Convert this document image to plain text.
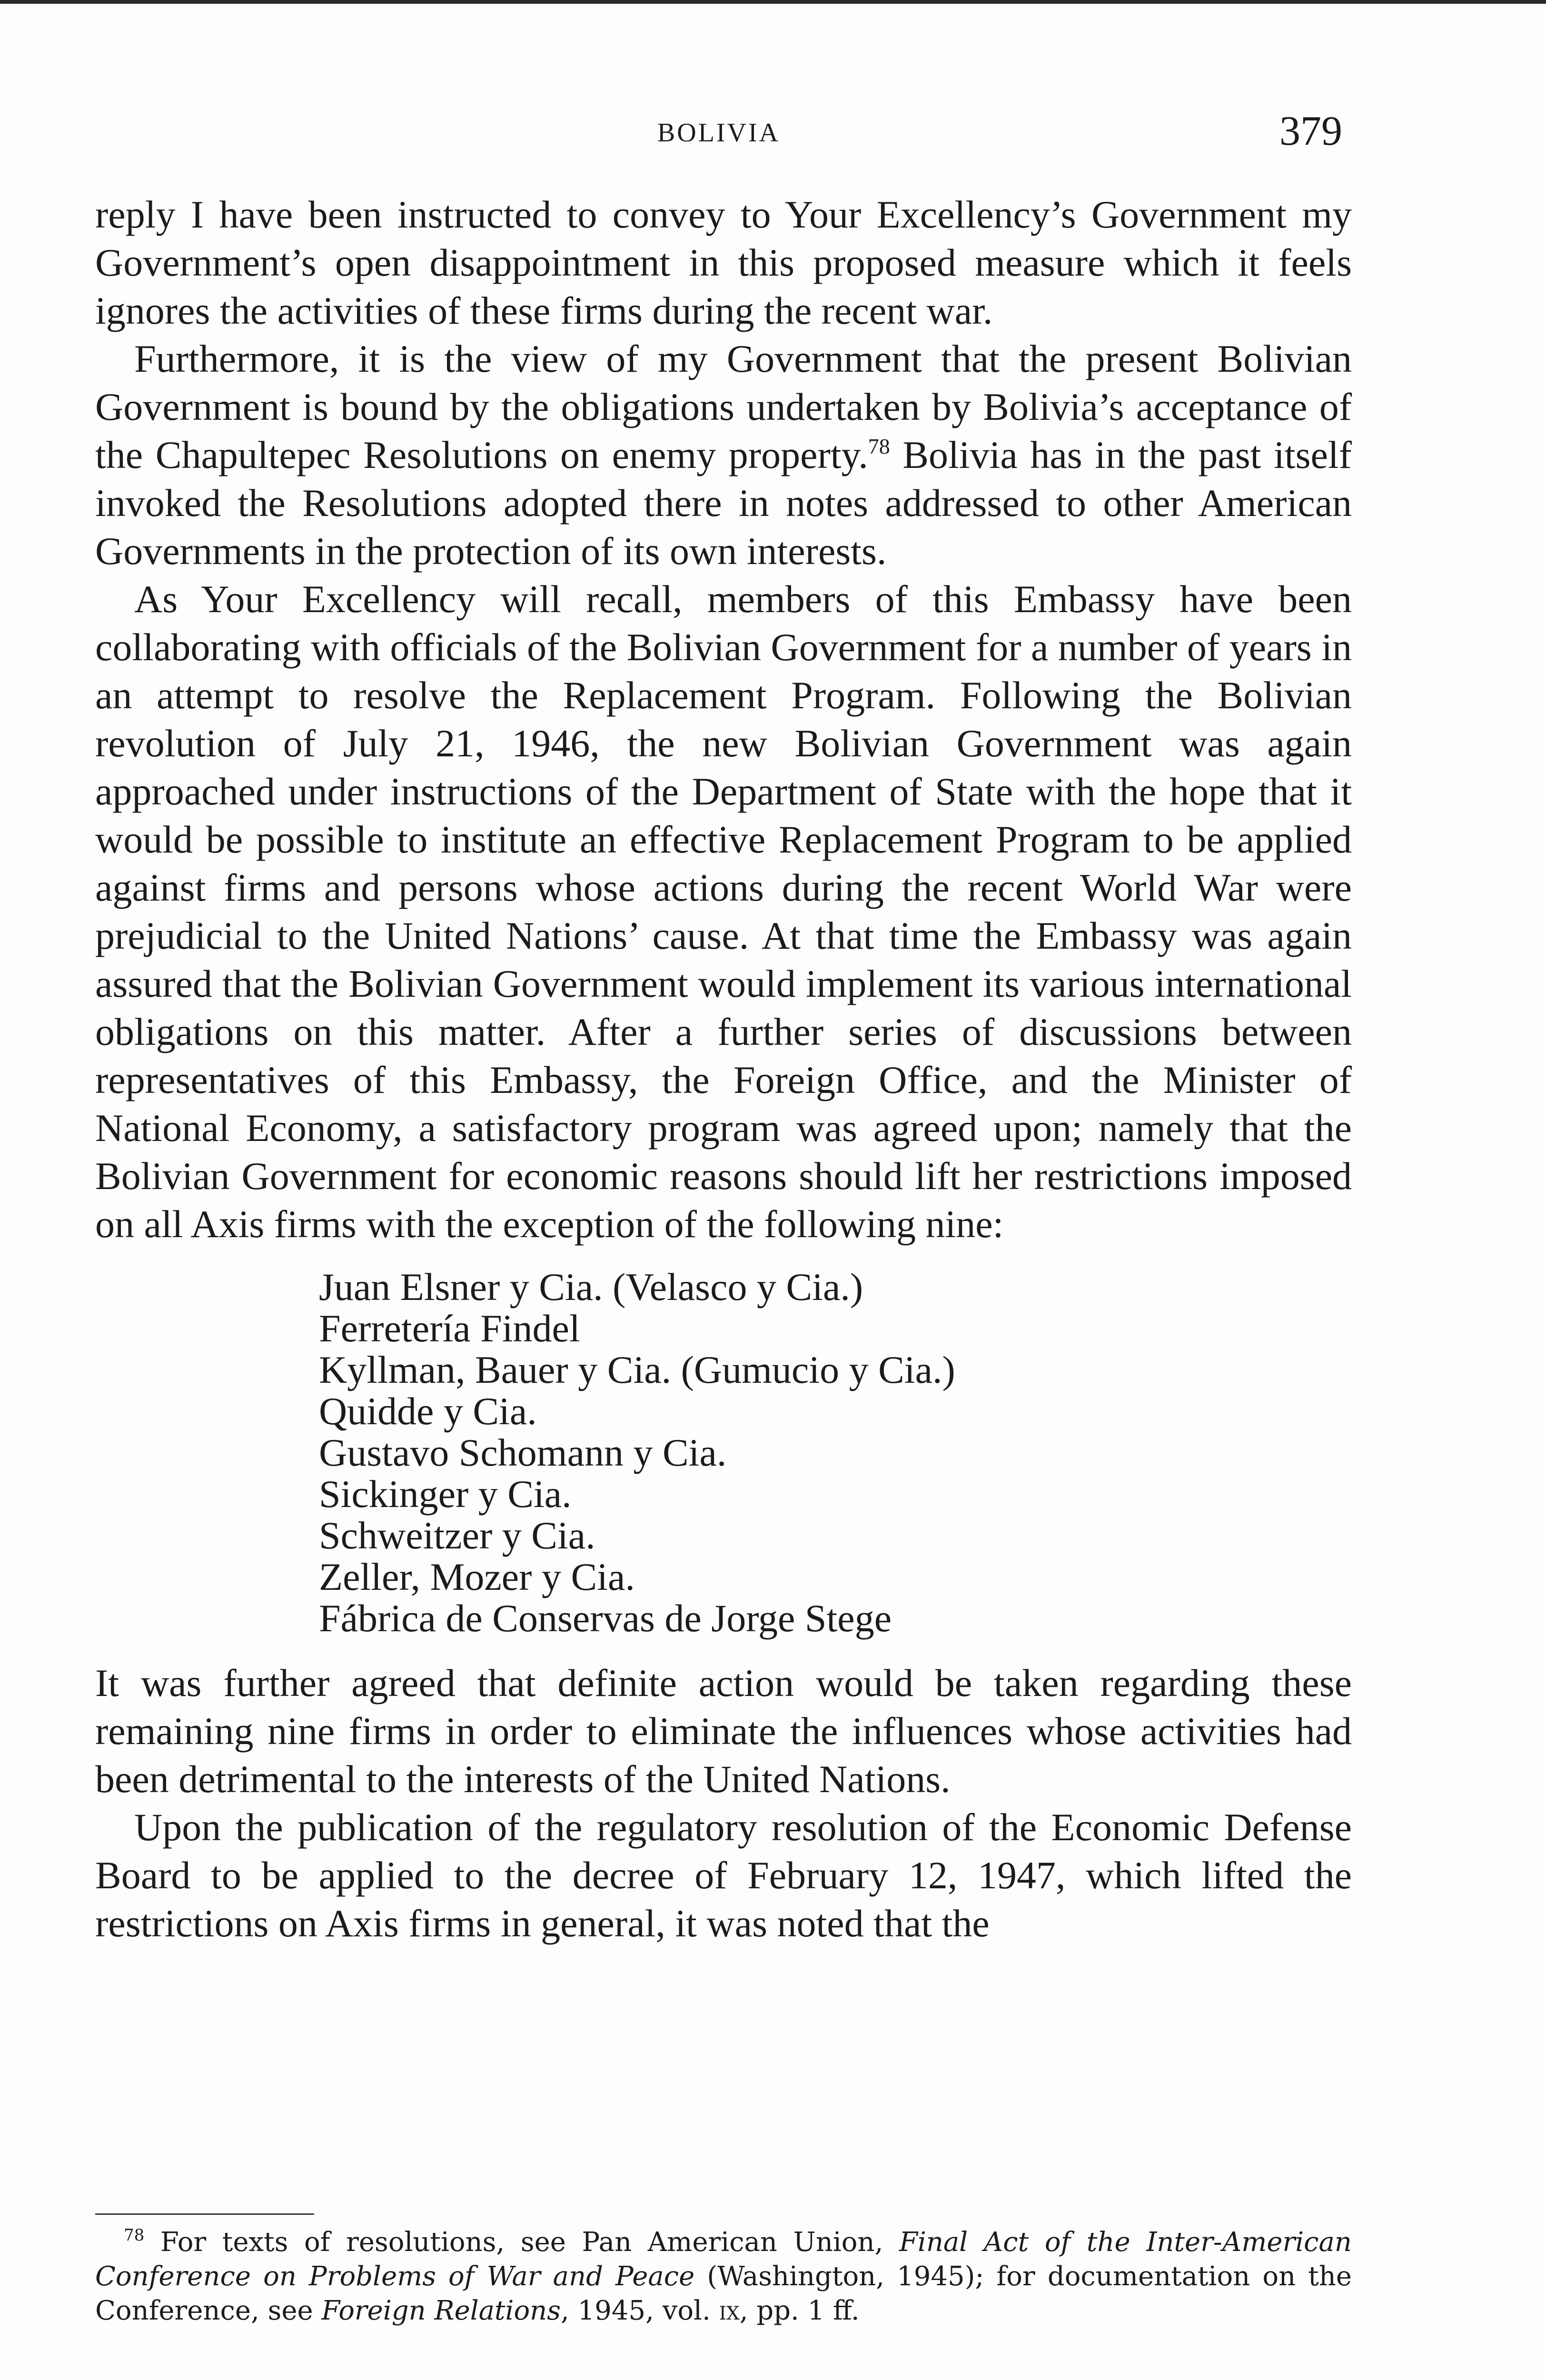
BOLIVIA	379

reply I have been instructed to convey to Your Excellency’s Government my Government’s open disappointment in this proposed measure which it feels ignores the activities of these firms during the recent war.

Furthermore, it is the view of my Government that the present Bolivian Government is bound by the obligations undertaken by Bolivia’s acceptance of the Chapultepec Resolutions on enemy property.$^{78}$ Bolivia has in the past itself invoked the Resolutions adopted there in notes addressed to other American Governments in the protection of its own interests.

As Your Excellency will recall, members of this Embassy have been collaborating with officials of the Bolivian Government for a number of years in an attempt to resolve the Replacement Program. Following the Bolivian revolution of July 21, 1946, the new Bolivian Government was again approached under instructions of the Department of State with the hope that it would be possible to institute an effective Replacement Program to be applied against firms and persons whose actions during the recent World War were prejudicial to the United Nations’ cause. At that time the Embassy was again assured that the Bolivian Government would implement its various international obligations on this matter. After a further series of discussions between representatives of this Embassy, the Foreign Office, and the Minister of National Economy, a satisfactory program was agreed upon; namely that the Bolivian Government for economic reasons should lift her restrictions imposed on all Axis firms with the exception of the following nine:

Juan Elsner y Cia. (Velasco y Cia.)
Ferretería Findel
Kyllman, Bauer y Cia. (Gumucio y Cia.)
Quidde y Cia.
Gustavo Schomann y Cia.
Sickinger y Cia.
Schweitzer y Cia.
Zeller, Mozer y Cia.
Fábrica de Conservas de Jorge Stege

It was further agreed that definite action would be taken regarding these remaining nine firms in order to eliminate the influences whose activities had been detrimental to the interests of the United Nations.

Upon the publication of the regulatory resolution of the Economic Defense Board to be applied to the decree of February 12, 1947, which lifted the restrictions on Axis firms in general, it was noted that the

$^{78}$ For texts of resolutions, see Pan American Union, Final Act of the Inter-American Conference on Problems of War and Peace (Washington, 1945); for documentation on the Conference, see Foreign Relations, 1945, vol. ix, pp. 1 ff.
